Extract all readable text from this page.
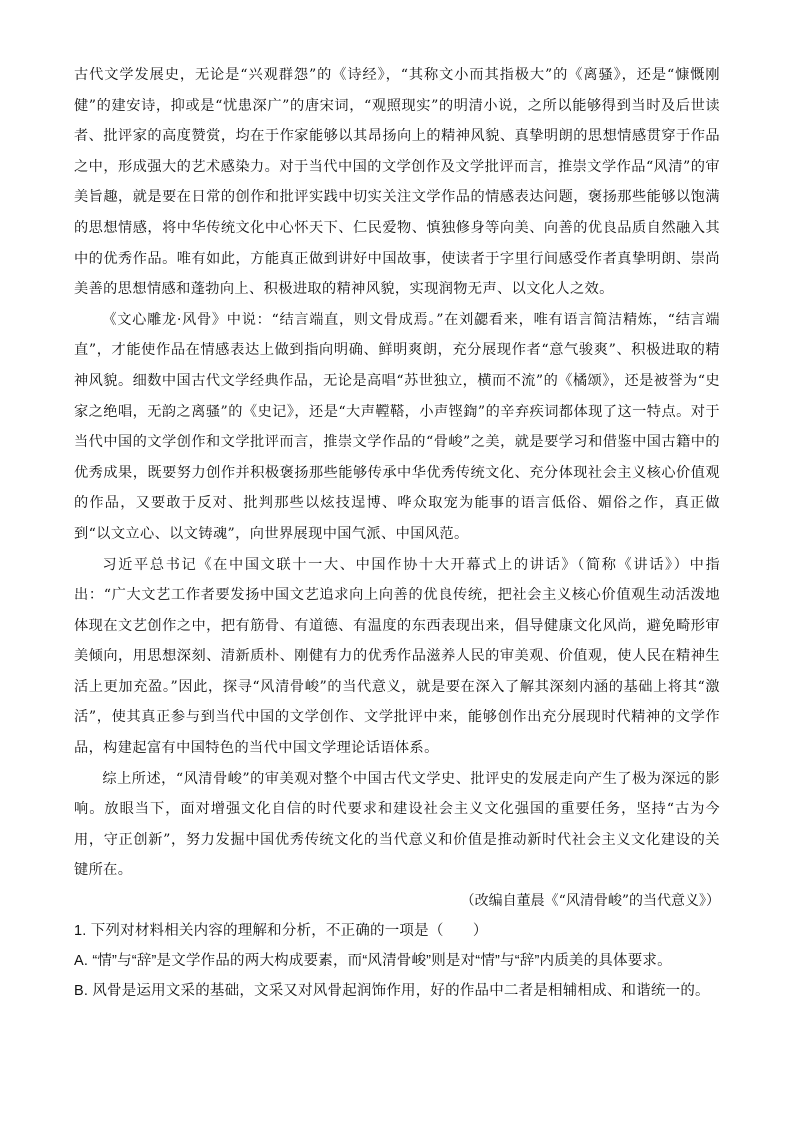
古代文学发展史，无论是“兴观群怨”的《诗经》，“其称文小而其指极大”的《离骚》，还是“慷慨刚健”的建安诗，抑或是“忧患深广”的唐宋词，“观照现实”的明清小说，之所以能够得到当时及后世读者、批评家的高度赞赏，均在于作家能够以其昂扬向上的精神风貌、真挚明朗的思想情感贯穿于作品之中，形成强大的艺术感染力。对于当代中国的文学创作及文学批评而言，推崇文学作品“风清”的审美旨趣，就是要在日常的创作和批评实践中切实关注文学作品的情感表达问题，褒扬那些能够以饱满的思想情感，将中华传统文化中心怀天下、仁民爱物、慎独修身等向美、向善的优良品质自然融入其中的优秀作品。唯有如此，方能真正做到讲好中国故事，使读者于字里行间感受作者真挚明朗、崇尚美善的思想情感和蓬勃向上、积极进取的精神风貌，实现润物无声、以文化人之效。

《文心雕龙·风骨》中说：“结言端直，则文骨成焉。”在刘勰看来，唯有语言简洁精炼，“结言端直”，才能使作品在情感表达上做到指向明确、鲜明爽朗，充分展现作者“意气骏爽”、积极进取的精神风貌。细数中国古代文学经典作品，无论是高唱“苏世独立，横而不流”的《橘颂》，还是被誉为“史家之绝唱，无韵之离骚”的《史记》，还是“大声鞺鞳，小声铿鍧”的辛弃疾词都体现了这一特点。对于当代中国的文学创作和文学批评而言，推崇文学作品的“骨峻”之美，就是要学习和借鉴中国古籍中的优秀成果，既要努力创作并积极褒扬那些能够传承中华优秀传统文化、充分体现社会主义核心价值观的作品，又要敢于反对、批判那些以炫技逞博、哗众取宠为能事的语言低俗、媚俗之作，真正做到“以文立心、以文铸魂”，向世界展现中国气派、中国风范。

习近平总书记《在中国文联十一大、中国作协十大开幕式上的讲话》（简称《讲话》）中指出：“广大文艺工作者要发扬中国文艺追求向上向善的优良传统，把社会主义核心价值观生动活泼地体现在文艺创作之中，把有筋骨、有道德、有温度的东西表现出来，倡导健康文化风尚，避免畸形审美倾向，用思想深刻、清新质朴、刚健有力的优秀作品滋养人民的审美观、价值观，使人民在精神生活上更加充盈。”因此，探寻“风清骨峻”的当代意义，就是要在深入了解其深刻内涵的基础上将其“激活”，使其真正参与到当代中国的文学创作、文学批评中来，能够创作出充分展现时代精神的文学作品，构建起富有中国特色的当代中国文学理论话语体系。

综上所述，“风清骨峻”的审美观对整个中国古代文学史、批评史的发展走向产生了极为深远的影响。放眼当下，面对增强文化自信的时代要求和建设社会主义文化强国的重要任务，坚持“古为今用，守正创新”，努力发掘中国优秀传统文化的当代意义和价值是推动新时代社会主义文化建设的关键所在。

（改编自董晨《“风清骨峻”的当代意义》）

1. 下列对材料相关内容的理解和分析，不正确的一项是（　　）

A. “情”与“辞”是文学作品的两大构成要素，而“风清骨峻”则是对“情”与“辞”内质美的具体要求。

B. 风骨是运用文采的基础，文采又对风骨起润饰作用，好的作品中二者是相辅相成、和谐统一的。
